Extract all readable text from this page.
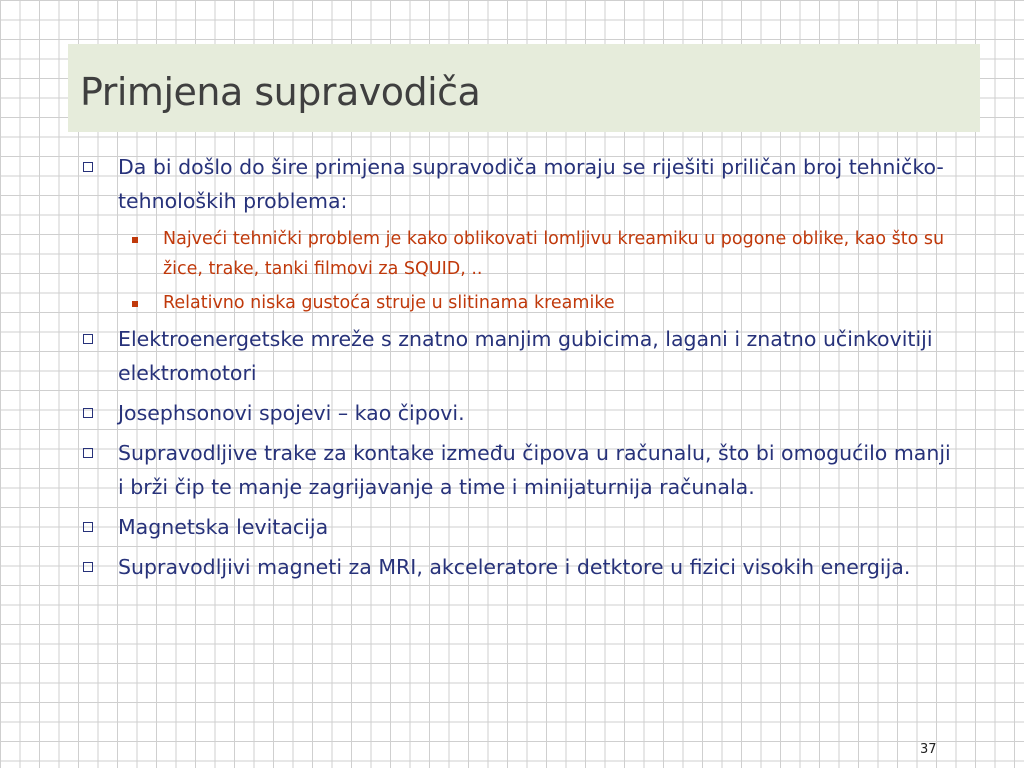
Primjena supravodiča
Da bi došlo do šire primjena supravodiča moraju se riješiti priličan broj tehničko-tehnoloških problema:
Najveći tehnički problem je kako oblikovati lomljivu kreamiku u pogone oblike, kao što su žice, trake, tanki filmovi za SQUID, ..
Relativno niska gustoća struje u slitinama kreamike
Elektroenergetske mreže s znatno manjim gubicima, lagani i znatno učinkovitiji elektromotori
Josephsonovi spojevi – kao čipovi.
Supravodljive trake za kontake između čipova u računalu, što bi omogućilo manji i brži čip te manje zagrijavanje a time i minijaturnija računala.
Magnetska levitacija
Supravodljivi magneti za MRI, akceleratore i detktore u fizici visokih energija.
37
